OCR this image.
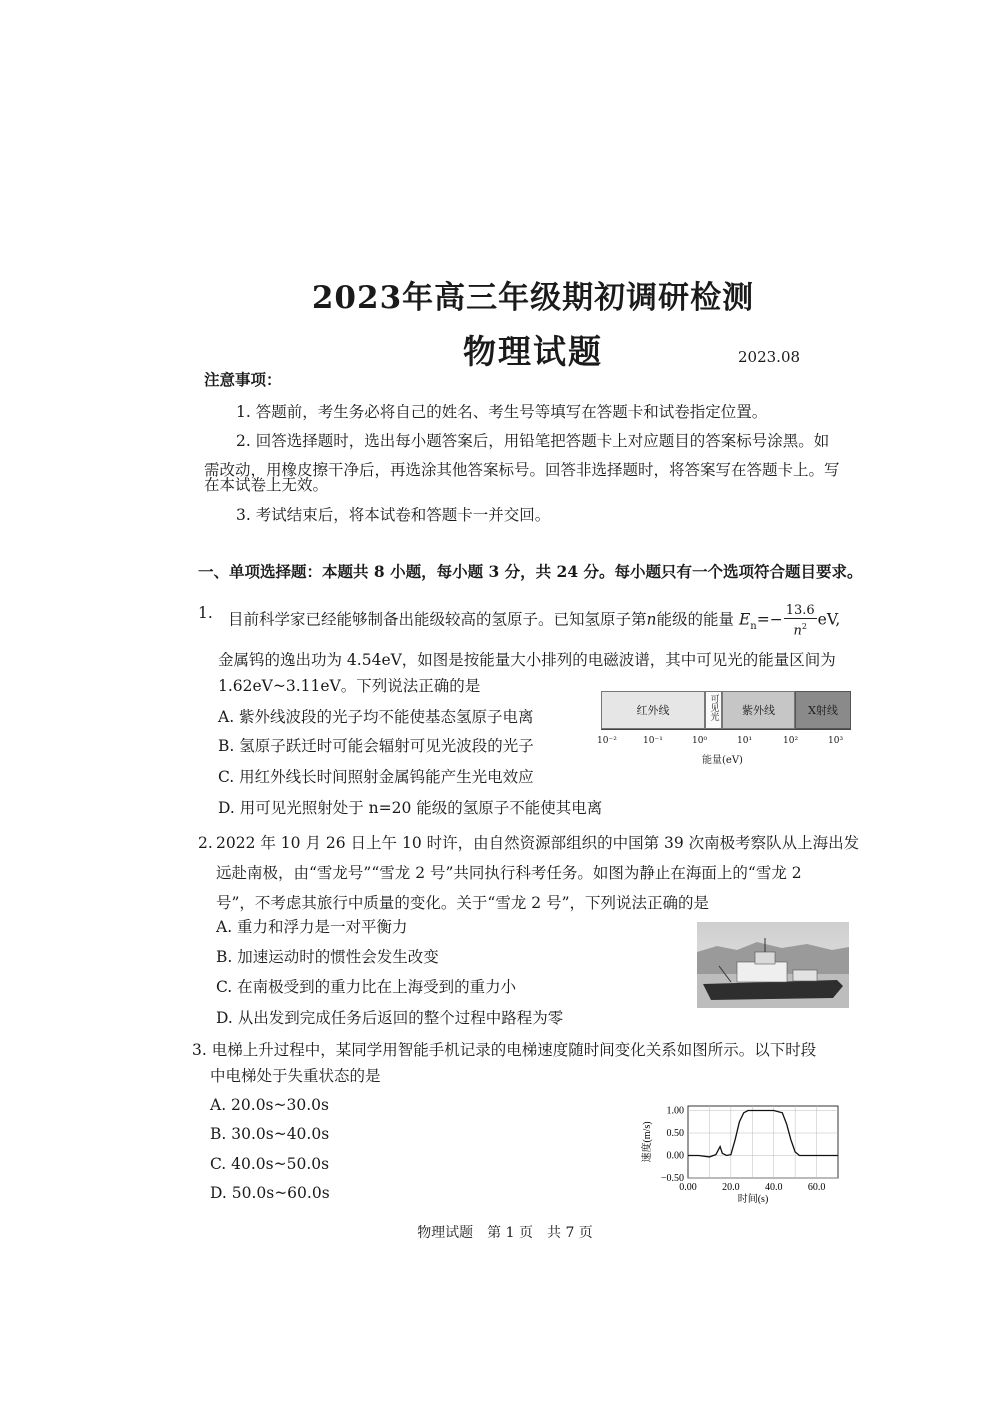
2023年高三年级期初调研检测
物理试题	2023.08
注意事项：
1. 答题前，考生务必将自己的姓名、考生号等填写在答题卡和试卷指定位置。
2. 回答选择题时，选出每小题答案后，用铅笔把答题卡上对应题目的答案标号涂黑。如
需改动，用橡皮擦干净后，再选涂其他答案标号。回答非选择题时，将答案写在答题卡上。写
在本试卷上无效。
3. 考试结束后，将本试卷和答题卡一并交回。
一、单项选择题：本题共 8 小题，每小题 3 分，共 24 分。每小题只有一个选项符合题目要求。
1. 目前科学家已经能够制备出能级较高的氢原子。已知氢原子第n能级的能量 $E_n=- \frac{13.6}{n^2}$ eV,
金属钨的逸出功为 4.54eV，如图是按能量大小排列的电磁波谱，其中可见光的能量区间为
1.62eV~3.11eV。下列说法正确的是
A. 紫外线波段的光子均不能使基态氢原子电离
B. 氢原子跃迁时可能会辐射可见光波段的光子
C. 用红外线长时间照射金属钨能产生光电效应
D. 用可见光照射处于 n=20 能级的氢原子不能使其电离
红外线	可见光	紫外线	X射线
10⁻²	10⁻¹	10⁰	10¹	10²	10³
能量(eV)
2. 2022 年 10 月 26 日上午 10 时许，由自然资源部组织的中国第 39 次南极考察队从上海出发
远赴南极，由“雪龙号”“雪龙 2 号”共同执行科考任务。如图为静止在海面上的“雪龙 2
号”，不考虑其旅行中质量的变化。关于“雪龙 2 号”，下列说法正确的是
A. 重力和浮力是一对平衡力
B. 加速运动时的惯性会发生改变
C. 在南极受到的重力比在上海受到的重力小
D. 从出发到完成任务后返回的整个过程中路程为零
3. 电梯上升过程中，某同学用智能手机记录的电梯速度随时间变化关系如图所示。以下时段
中电梯处于失重状态的是
A. 20.0s~30.0s
B. 30.0s~40.0s
C. 40.0s~50.0s
D. 50.0s~60.0s
1.00
0.50
0.00
−0.50
0.00	20.0	40.0	60.0
时间(s)
速度(m/s)
物理试题　第 1 页　共 7 页
